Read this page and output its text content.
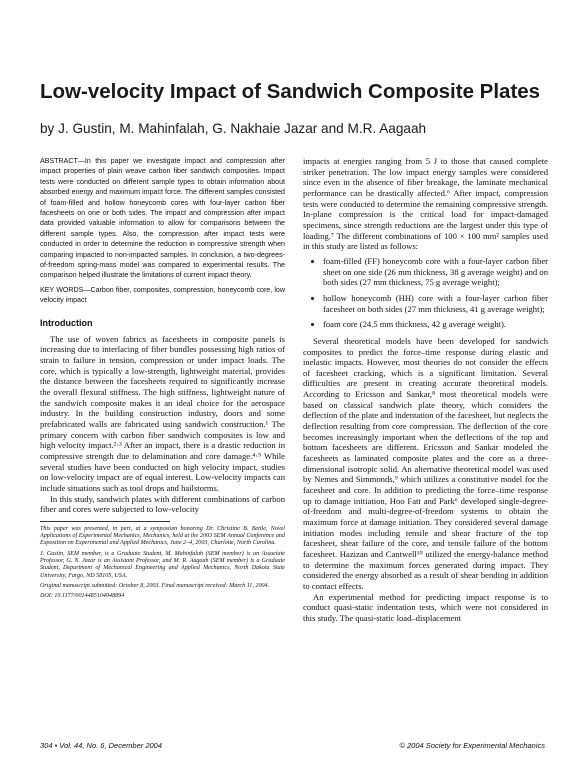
Low-velocity Impact of Sandwich Composite Plates

by J. Gustin, M. Mahinfalah, G. Nakhaie Jazar and M.R. Aagaah

ABSTRACT—In this paper we investigate impact and compression after impact properties of plain weave carbon fiber sandwich composites. Impact tests were conducted on different sample types to obtain information about absorbed energy and maximum impact force. The different samples consisted of foam-filled and hollow honeycomb cores with four-layer carbon fiber facesheets on one or both sides. The impact and compression after impact data provided valuable information to allow for comparisons between the different sample types. Also, the compression after impact tests were conducted in order to determine the reduction in compressive strength when comparing impacted to non-impacted samples. In conclusion, a two-degrees-of-freedom spring-mass model was compared to experimental results. The comparison helped illustrate the limitations of current impact theory.

KEY WORDS—Carbon fiber, composites, compression, honeycomb core, low velocity impact

Introduction

The use of woven fabrics as facesheets in composite panels is increasing due to interlacing of fiber bundles possessing high ratios of strain to failure in tension, compression or under impact loads. The core, which is typically a low-strength, lightweight material, provides the distance between the facesheets required to significantly increase the overall flexural stiffness. The high stiffness, lightweight nature of the sandwich composite makes it an ideal choice for the aerospace industry. In the building construction industry, doors and some prefabricated walls are fabricated using sandwich construction.¹ The primary concern with carbon fiber sandwich composites is low and high velocity impact.²·³ After an impact, there is a drastic reduction in compressive strength due to delamination and core damage.⁴·⁵ While several studies have been conducted on high velocity impact, studies on low-velocity impact are of equal interest. Low-velocity impacts can include situations such as tool drops and hailstorms.

In this study, sandwich plates with different combinations of carbon fiber and cores were subjected to low-velocity

This paper was presented, in part, at a symposium honoring Dr. Christine B. Bettle, Novel Applications of Experimental Mechanics, Mechanics, held at the 2003 SEM Annual Conference and Exposition on Experimental and Applied Mechanics, June 2–4, 2003, Charlotte, North Carolina.

J. Gustin, SEM member, is a Graduate Student, M. Mahinfalah (SEM member) is an Associate Professor, G. N. Jazar is an Assistant Professor, and M. R. Aagaah (SEM member) is a Graduate Student, Department of Mechanical Engineering and Applied Mechanics, North Dakota State University, Fargo, ND 58105, USA.

Original manuscript submitted: October 8, 2003. Final manuscript received: March 11, 2004.

DOI: 10.1177/0014485104048894

impacts at energies ranging from 5 J to those that caused complete striker penetration. The low impact energy samples were considered since even in the absence of fiber breakage, the laminate mechanical performance can be drastically affected.⁶ After impact, compression tests were conducted to determine the remaining compressive strength. In-plane compression is the critical load for impact-damaged specimens, since strength reductions are the largest under this type of loading.⁷ The different combinations of 100 × 100 mm² samples used in this study are listed as follows:

• foam-filled (FF) honeycomb core with a four-layer carbon fiber sheet on one side (26 mm thickness, 38 g average weight) and on both sides (27 mm thickness, 75 g average weight);
• hollow honeycomb (HH) core with a four-layer carbon fiber facesheet on both sides (27 mm thickness, 41 g average weight);
• foam core (24.5 mm thickness, 42 g average weight).

Several theoretical models have been developed for sandwich composites to predict the force–time response during elastic and inelastic impacts. However, most theories do not consider the effects of facesheet cracking, which is a significant limitation. Several difficulties are present in creating accurate theoretical models. According to Ericsson and Sankar,⁸ most theoretical models were based on classical sandwich plate theory, which considers the deflection of the plate and indentation of the facesheet, but neglects the deflection resulting from core compression. The deflection of the core becomes increasingly important when the deflections of the top and bottom facesheets are different. Ericsson and Sankar modeled the facesheets as laminated composite plates and the core as a three-dimensional isotropic solid. An alternative theoretical model was used by Nemes and Simmonds,⁹ which utilizes a constitutive model for the facesheet and core. In addition to predicting the force–time response up to damage initiation, Hoo Fatt and Park⁶ developed single-degree-of-freedom and multi-degree-of-freedom systems to obtain the maximum force at damage initiation. They considered several damage initiation modes including tensile and shear fracture of the top facesheet, shear failure of the core, and tensile failure of the bottom facesheet. Hazizan and Cantwell¹⁰ utilized the energy-balance method to determine the maximum forces generated during impact. They considered the energy absorbed as a result of shear bending in addition to contact effects.

An experimental method for predicting impact response is to conduct quasi-static indentation tests, which were not considered in this study. The quasi-static load–displacement

304 • Vol. 44, No. 6, December 2004	© 2004 Society for Experimental Mechanics
